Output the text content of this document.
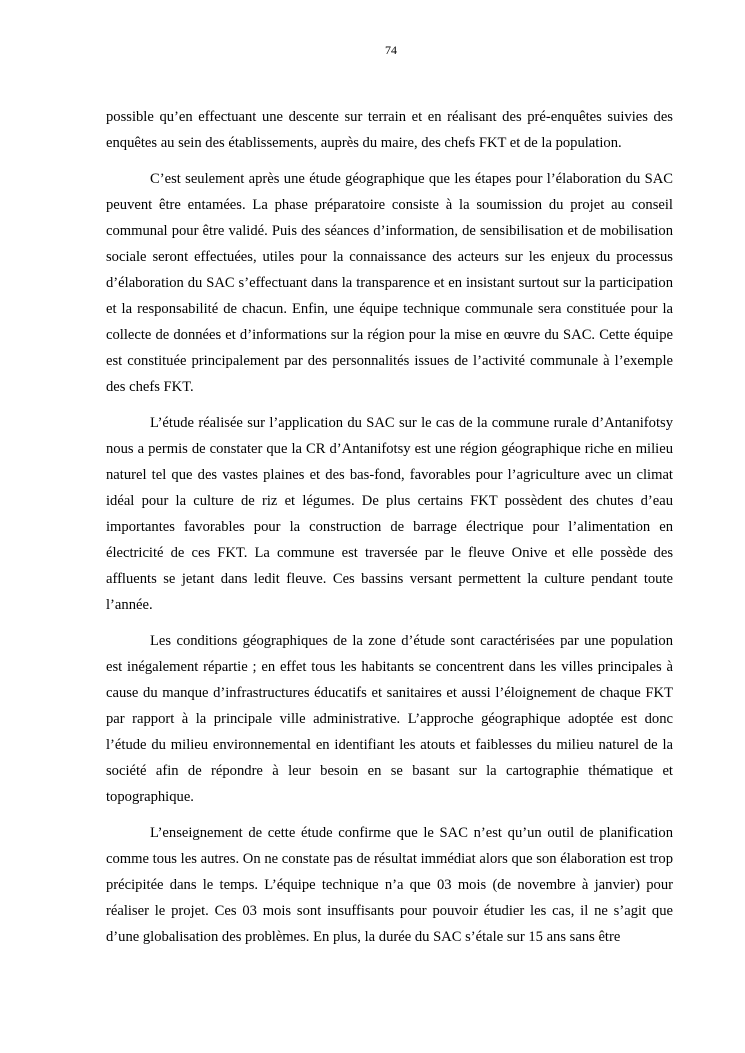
74

possible qu’en effectuant une descente sur terrain et en réalisant des pré-enquêtes suivies des enquêtes au sein des établissements, auprès du maire, des chefs FKT et de la population.

C’est seulement après une étude géographique que les étapes pour l’élaboration du SAC peuvent être entamées. La phase préparatoire consiste à la soumission du projet au conseil communal pour être validé. Puis des séances d’information, de sensibilisation et de mobilisation sociale seront effectuées, utiles pour la connaissance des acteurs sur les enjeux du processus d’élaboration du SAC s’effectuant dans la transparence et en insistant surtout sur la participation et la responsabilité de chacun. Enfin, une équipe technique communale sera constituée pour la collecte de données et d’informations sur la région pour la mise en œuvre du SAC. Cette équipe est constituée principalement par des personnalités issues de l’activité communale à l’exemple des chefs FKT.

L’étude réalisée sur l’application du SAC sur le cas de la commune rurale d’Antanifotsy nous a permis de constater que la CR d’Antanifotsy est une région géographique riche en milieu naturel tel que des vastes plaines et des bas-fond, favorables pour l’agriculture avec un climat idéal pour la culture de riz et légumes. De plus certains FKT possèdent des chutes d’eau importantes favorables pour la construction de barrage électrique pour l’alimentation en électricité de ces FKT. La commune est traversée par le fleuve Onive et elle possède des affluents se jetant dans ledit fleuve. Ces bassins versant permettent la culture pendant toute l’année.

Les conditions géographiques de la zone d’étude sont caractérisées par une population est inégalement répartie ; en effet tous les habitants se concentrent dans les villes principales à cause du manque d’infrastructures éducatifs et sanitaires et aussi l’éloignement de chaque FKT par rapport à la principale ville administrative. L’approche géographique adoptée est donc l’étude du milieu environnemental en identifiant les atouts et faiblesses du milieu naturel de la société afin de répondre à leur besoin en se basant sur la cartographie thématique et topographique.

L’enseignement de cette étude confirme que le SAC n’est qu’un outil de planification comme tous les autres. On ne constate pas de résultat immédiat alors que son élaboration est trop précipitée dans le temps. L’équipe technique n’a que 03 mois (de novembre à janvier) pour réaliser le projet. Ces 03 mois sont insuffisants pour pouvoir étudier les cas, il ne s’agit que d’une globalisation des problèmes. En plus, la durée du SAC s’étale sur 15 ans sans être
